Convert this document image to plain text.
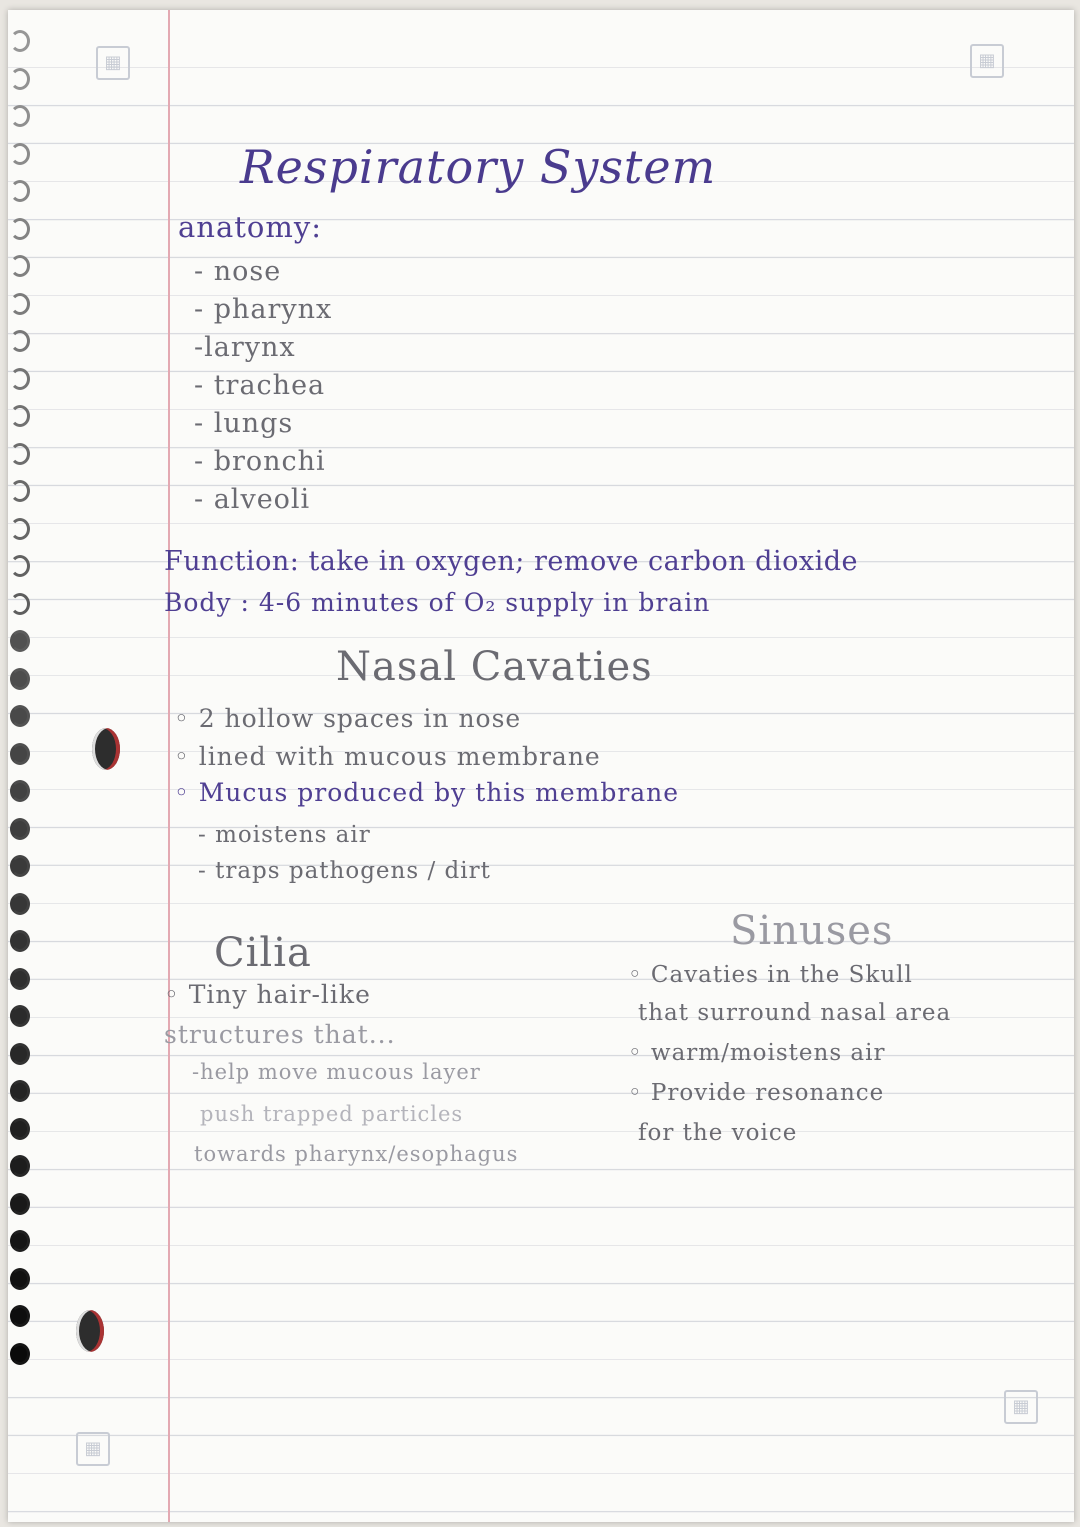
▦	▦
▦
▦
Respiratory System
anatomy:
- nose
- pharynx
-larynx
- trachea
- lungs
- bronchi
- alveoli
Function: take in oxygen; remove carbon dioxide
Body : 4-6 minutes of O₂ supply in brain
Nasal Cavaties
◦ 2 hollow spaces in nose
◦ lined with mucous membrane
◦ Mucus produced by this membrane
- moistens air
- traps pathogens / dirt
Cilia
◦ Tiny hair-like
structures that...
-help move mucous layer
push trapped particles
towards pharynx/esophagus
Sinuses
◦ Cavaties in the Skull
that surround nasal area
◦ warm/moistens air
◦ Provide resonance
for the voice
